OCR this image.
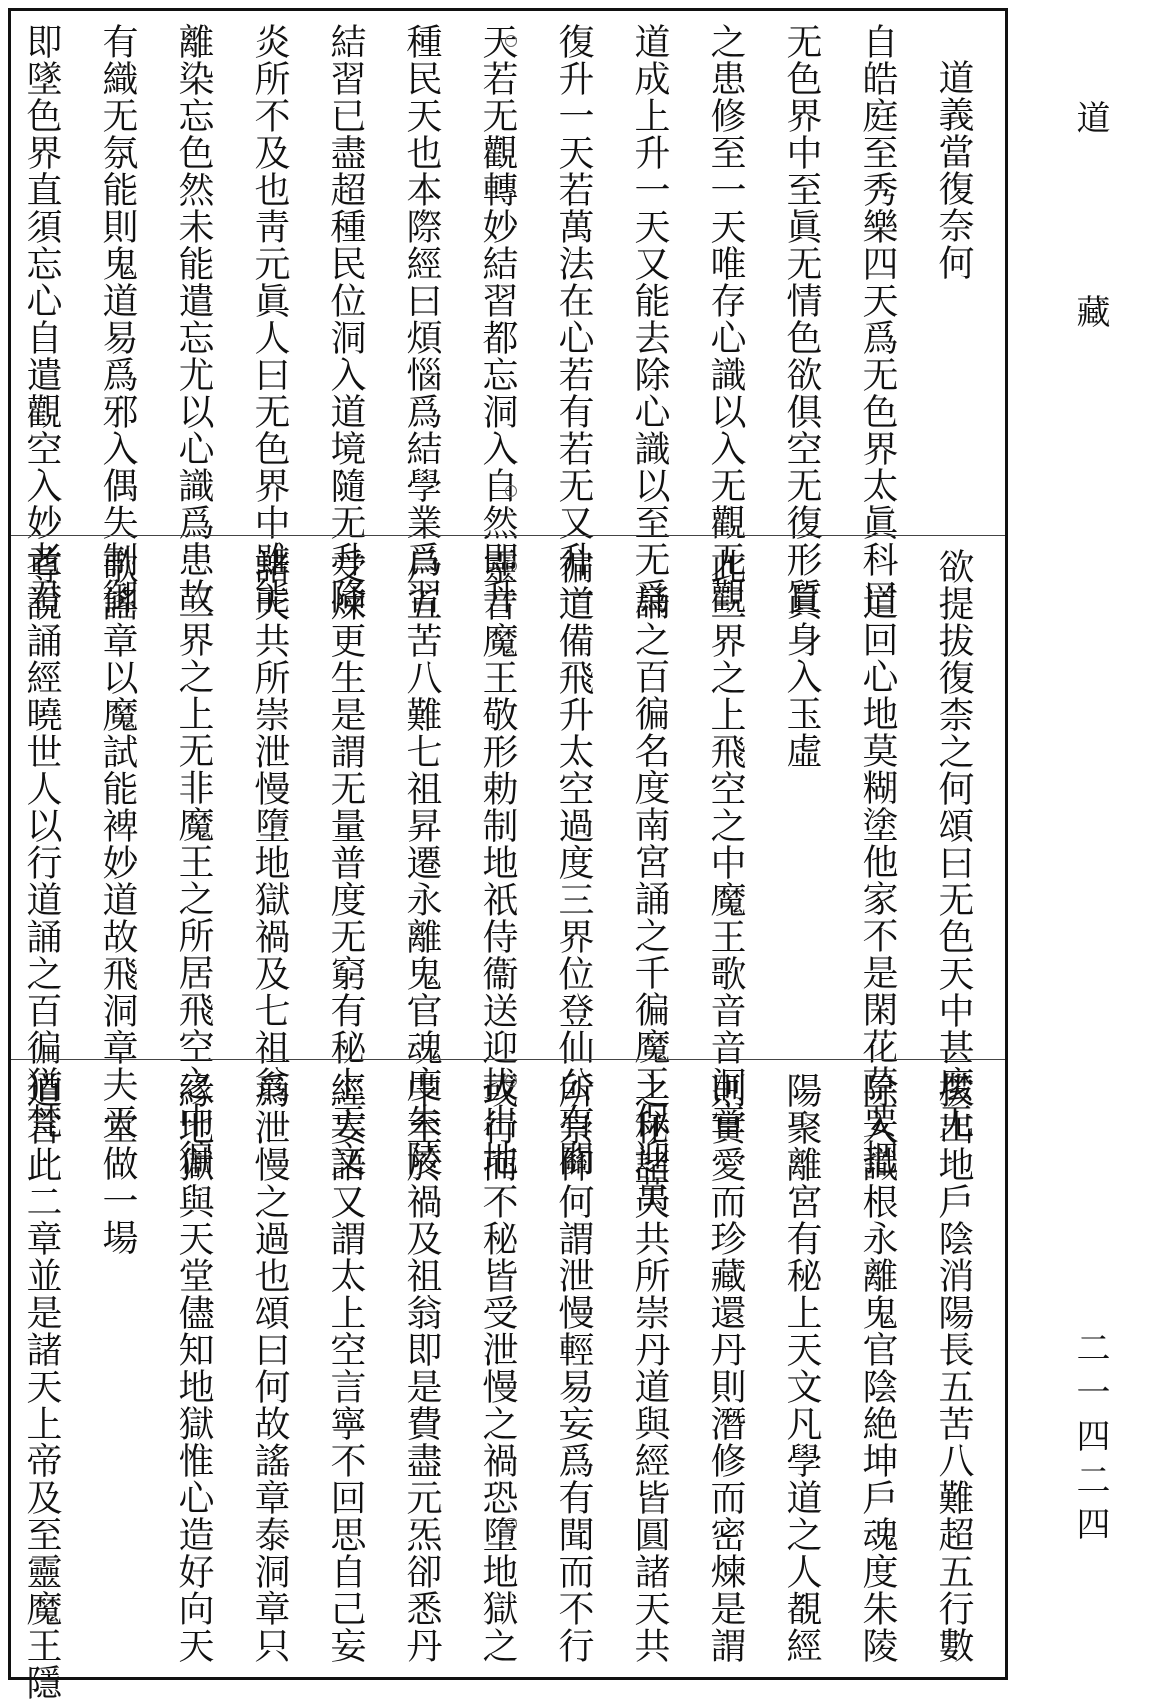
道義當復奈何
自皓庭至秀樂四天爲无色界太眞科曰
无色界中至眞无情色欲俱空无復形質
之患修至一天唯存心識以入无觀无觀
道成上升一天又能去除心識以至无爲
復升一天若萬法在心若有若无又升一
天若无觀轉妙結習都忘洞入自然即升
種民天也本際經曰煩惱爲結學業爲習
結習已盡超種民位洞入道境隨无升降
炎所不及也靑元眞人曰无色界中雖能
離染忘色然未能遣忘尤以心識爲患故
有織无氛能則鬼道易爲邪入偶失制御
即墜色界直須忘心自遣觀空入妙老君
欲提拔復柰之何頌曰无色天中甚麼无
道回心地莫糊塗他家不是閑花草要把
眞身入玉虛
此三界之上飛空之中魔王歌音音洞章
誦之百徧名度南宮誦之千徧魔王保迎萬
徧道備飛升太空過度三界位登仙公有關
靈音魔王敬形勅制地祇侍衞送迎拔出地
戶五苦八難七祖昇遷永離鬼官魂度朱陵
受煉更生是謂无量普度无窮有秘上天文
諸天共所崇泄慢墮地獄禍及七祖翁
三界之上无非魔王之所居飛空之中徧
歌謠章以魔試能裨妙道故飛洞章夫天
尊說誦經曉世人以行道誦之百徧猶梵
拔出地戶陰消陽長五苦八難超五行數
除入識根永離鬼官陰絶坤戶魂度朱陵
陽聚離宮有秘上天文凡學道之人覩經
則實愛而珍藏還丹則潛修而密煉是謂
之秘諸天共所崇丹道與經皆圓諸天共
所崇仰何謂泄慢輕易妄爲有聞而不行
或行而不秘皆受泄慢之禍恐墮地獄之
中至於禍及祖翁即是費盡元炁卻悉丹
經妄語又謂太上空言寧不回思自己妄
爲泄慢之過也頌曰何故謠章泰洞章只
緣地獄與天堂儘知地獄惟心造好向天
堂做一場
道言此二章並是諸天上帝及至靈魔王隱
道藏
二一四二四
